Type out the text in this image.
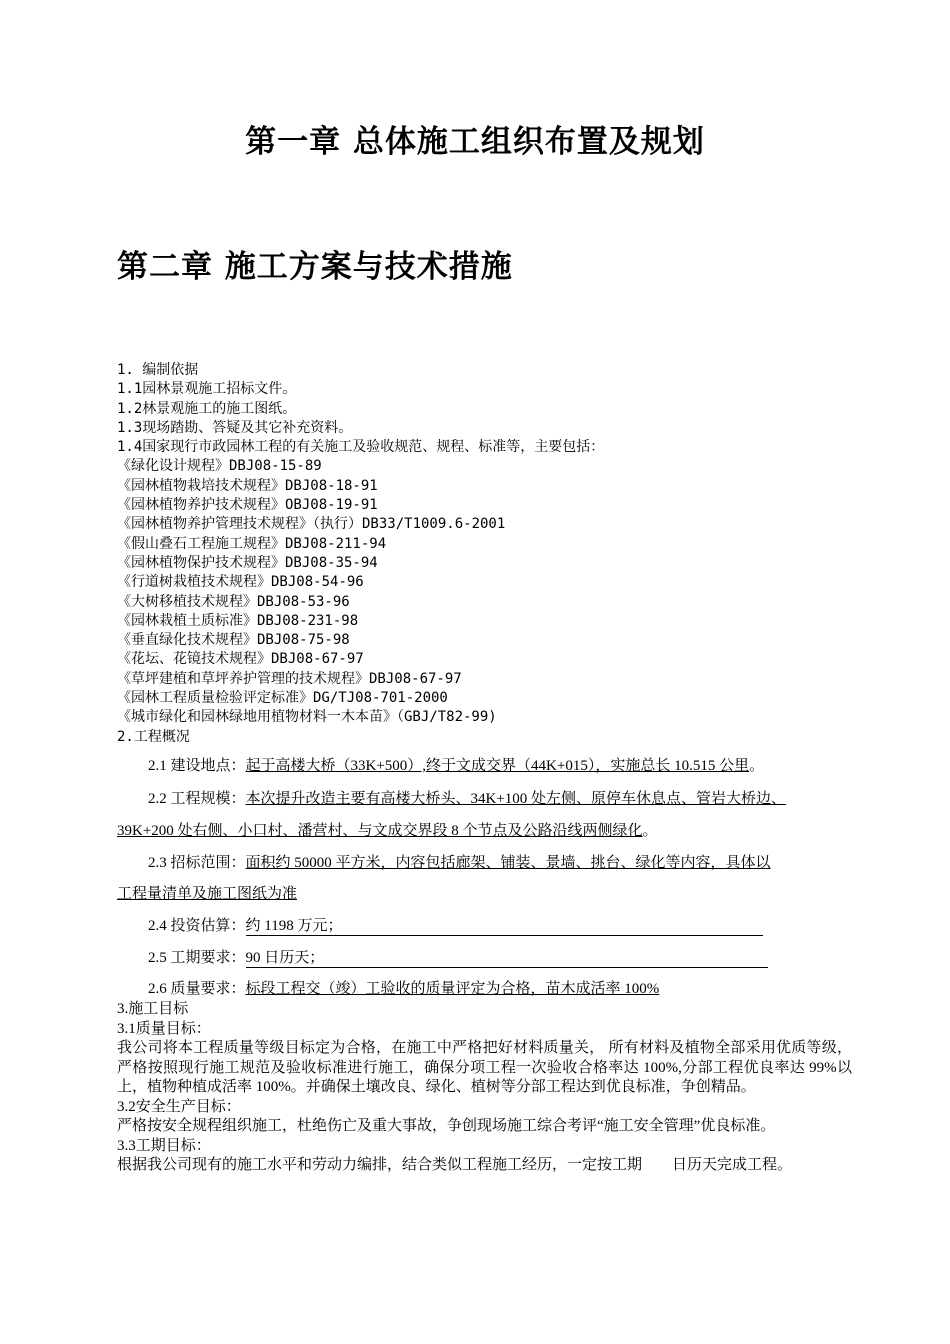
第一章 总体施工组织布置及规划
第二章 施工方案与技术措施
1. 编制依据
1.1园林景观施工招标文件。
1.2林景观施工的施工图纸。
1.3现场踏勘、答疑及其它补充资料。
1.4国家现行市政园林工程的有关施工及验收规范、规程、标准等，主要包括：
《绿化设计规程》DBJ08-15-89
《园林植物栽培技术规程》DBJ08-18-91
《园林植物养护技术规程》OBJ08-19-91
《园林植物养护管理技术规程》（执行）DB33/T1009.6-2001
《假山叠石工程施工规程》DBJ08-211-94
《园林植物保护技术规程》DBJ08-35-94
《行道树栽植技术规程》DBJ08-54-96
《大树移植技术规程》DBJ08-53-96
《园林栽植土质标准》DBJ08-231-98
《垂直绿化技术规程》DBJ08-75-98
《花坛、花镜技术规程》DBJ08-67-97
《草坪建植和草坪养护管理的技术规程》DBJ08-67-97
《园林工程质量检验评定标准》DG/TJ08-701-2000
《城市绿化和园林绿地用植物材料一木本苗》（GBJ/T82-99)
2.工程概况
2.1 建设地点：起于高楼大桥（33K+500）,终于文成交界（44K+015），实施总长 10.515 公里。
2.2 工程规模：本次提升改造主要有高楼大桥头、34K+100 处左侧、原停车休息点、管岩大桥边、
39K+200 处右侧、小口村、潘营村、与文成交界段 8 个节点及公路沿线两侧绿化。
2.3 招标范围：面积约 50000 平方米，内容包括廊架、铺装、景墙、挑台、绿化等内容，具体以
工程量清单及施工图纸为准
2.4 投资估算：约 1198 万元；
2.5 工期要求：90 日历天；
2.6 质量要求：标段工程交（竣）工验收的质量评定为合格，苗木成活率 100%
3.施工目标
3.1质量目标：
我公司将本工程质量等级目标定为合格，在施工中严格把好材料质量关， 所有材料及植物全部采用优质等级，严格按照现行施工规范及验收标准进行施工，确保分项工程一次验收合格率达 100%,分部工程优良率达 99%以上，植物种植成活率 100%。并确保土壤改良、绿化、植树等分部工程达到优良标准，争创精品。
3.2安全生产目标：
严格按安全规程组织施工，杜绝伤亡及重大事故，争创现场施工综合考评“施工安全管理”优良标准。
3.3工期目标：
根据我公司现有的施工水平和劳动力编排，结合类似工程施工经历，一定按工期        日历天完成工程。
